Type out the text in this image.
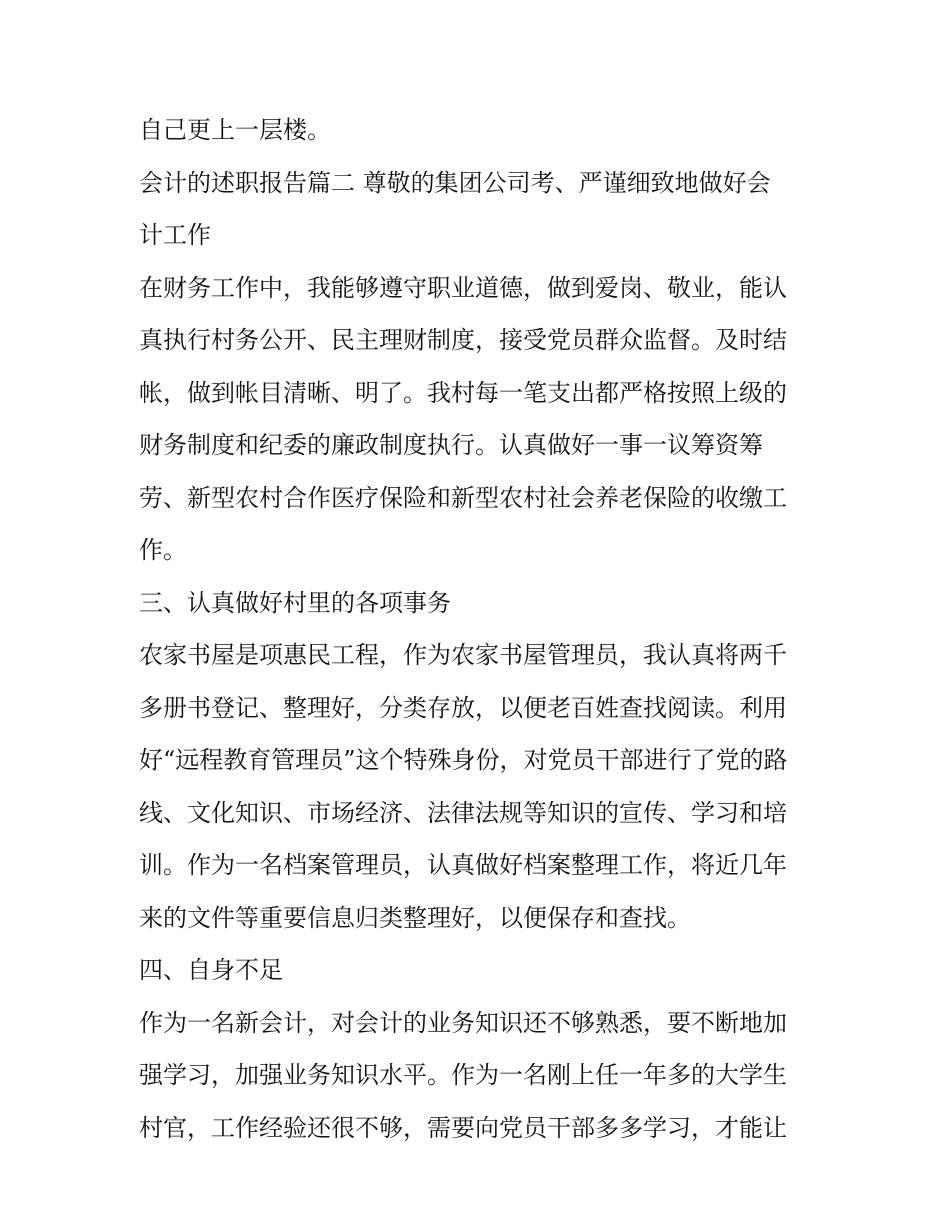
自己更上一层楼。
会计的述职报告篇二 尊敬的集团公司考、严谨细致地做好会
计工作
在财务工作中，我能够遵守职业道德，做到爱岗、敬业，能认
真执行村务公开、民主理财制度，接受党员群众监督。及时结
帐，做到帐目清晰、明了。我村每一笔支出都严格按照上级的
财务制度和纪委的廉政制度执行。认真做好一事一议筹资筹
劳、新型农村合作医疗保险和新型农村社会养老保险的收缴工
作。
三、认真做好村里的各项事务
农家书屋是项惠民工程，作为农家书屋管理员，我认真将两千
多册书登记、整理好，分类存放，以便老百姓查找阅读。利用
好“远程教育管理员”这个特殊身份，对党员干部进行了党的路
线、文化知识、市场经济、法律法规等知识的宣传、学习和培
训。作为一名档案管理员，认真做好档案整理工作，将近几年
来的文件等重要信息归类整理好，以便保存和查找。
四、自身不足
作为一名新会计，对会计的业务知识还不够熟悉，要不断地加
强学习，加强业务知识水平。作为一名刚上任一年多的大学生
村官，工作经验还很不够，需要向党员干部多多学习，才能让
